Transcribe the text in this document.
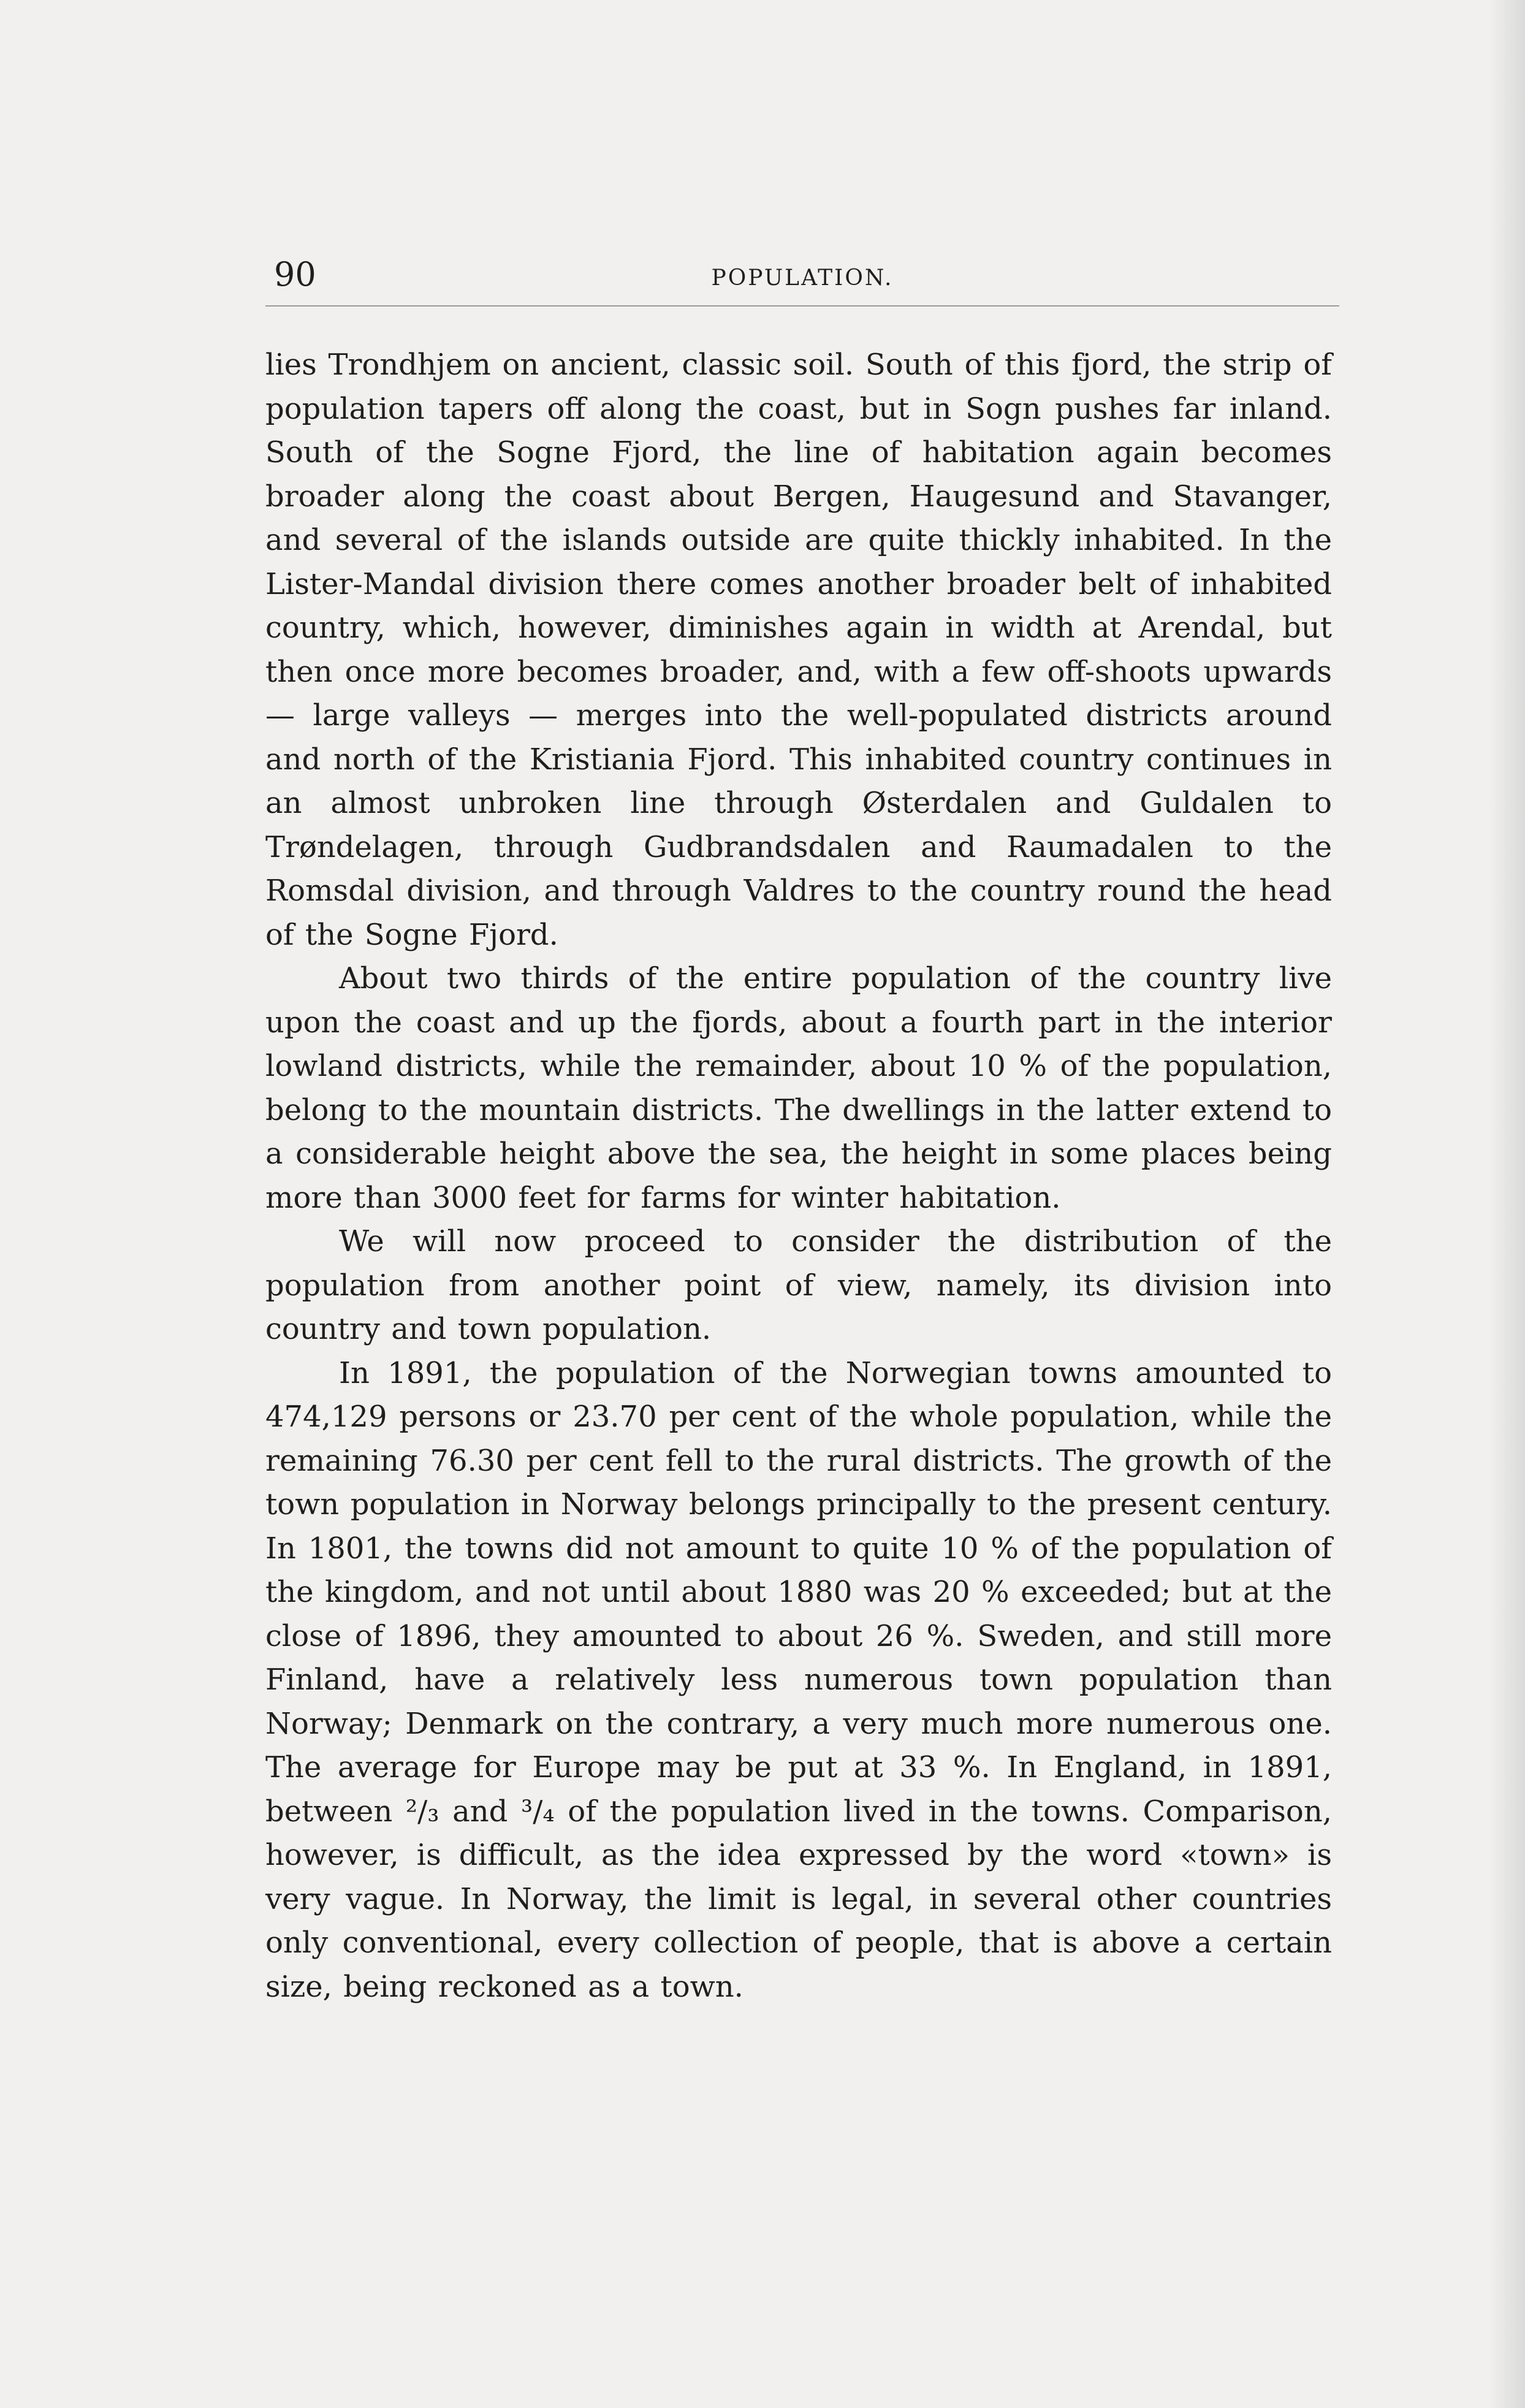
90	POPULATION.

lies Trondhjem on ancient, classic soil. South of this fjord, the strip of population tapers off along the coast, but in Sogn pushes far inland. South of the Sogne Fjord, the line of habitation again becomes broader along the coast about Bergen, Haugesund and Stavanger, and several of the islands outside are quite thickly inhabited. In the Lister-Mandal division there comes another broader belt of inhabited country, which, however, diminishes again in width at Arendal, but then once more becomes broader, and, with a few off-shoots upwards — large valleys — merges into the well-populated districts around and north of the Kristiania Fjord. This inhabited country continues in an almost unbroken line through Østerdalen and Guldalen to Trøndelagen, through Gudbrandsdalen and Raumadalen to the Romsdal division, and through Valdres to the country round the head of the Sogne Fjord.

About two thirds of the entire population of the country live upon the coast and up the fjords, about a fourth part in the interior lowland districts, while the remainder, about 10 % of the population, belong to the mountain districts. The dwellings in the latter extend to a considerable height above the sea, the height in some places being more than 3000 feet for farms for winter habitation.

We will now proceed to consider the distribution of the population from another point of view, namely, its division into country and town population.

In 1891, the population of the Norwegian towns amounted to 474,129 persons or 23.70 per cent of the whole population, while the remaining 76.30 per cent fell to the rural districts. The growth of the town population in Norway belongs principally to the present century. In 1801, the towns did not amount to quite 10 % of the population of the kingdom, and not until about 1880 was 20 % exceeded; but at the close of 1896, they amounted to about 26 %. Sweden, and still more Finland, have a relatively less numerous town population than Norway; Denmark on the contrary, a very much more numerous one. The average for Europe may be put at 33 %. In England, in 1891, between ²/₃ and ³/₄ of the population lived in the towns. Comparison, however, is difficult, as the idea expressed by the word «town» is very vague. In Norway, the limit is legal, in several other countries only conventional, every collection of people, that is above a certain size, being reckoned as a town.
